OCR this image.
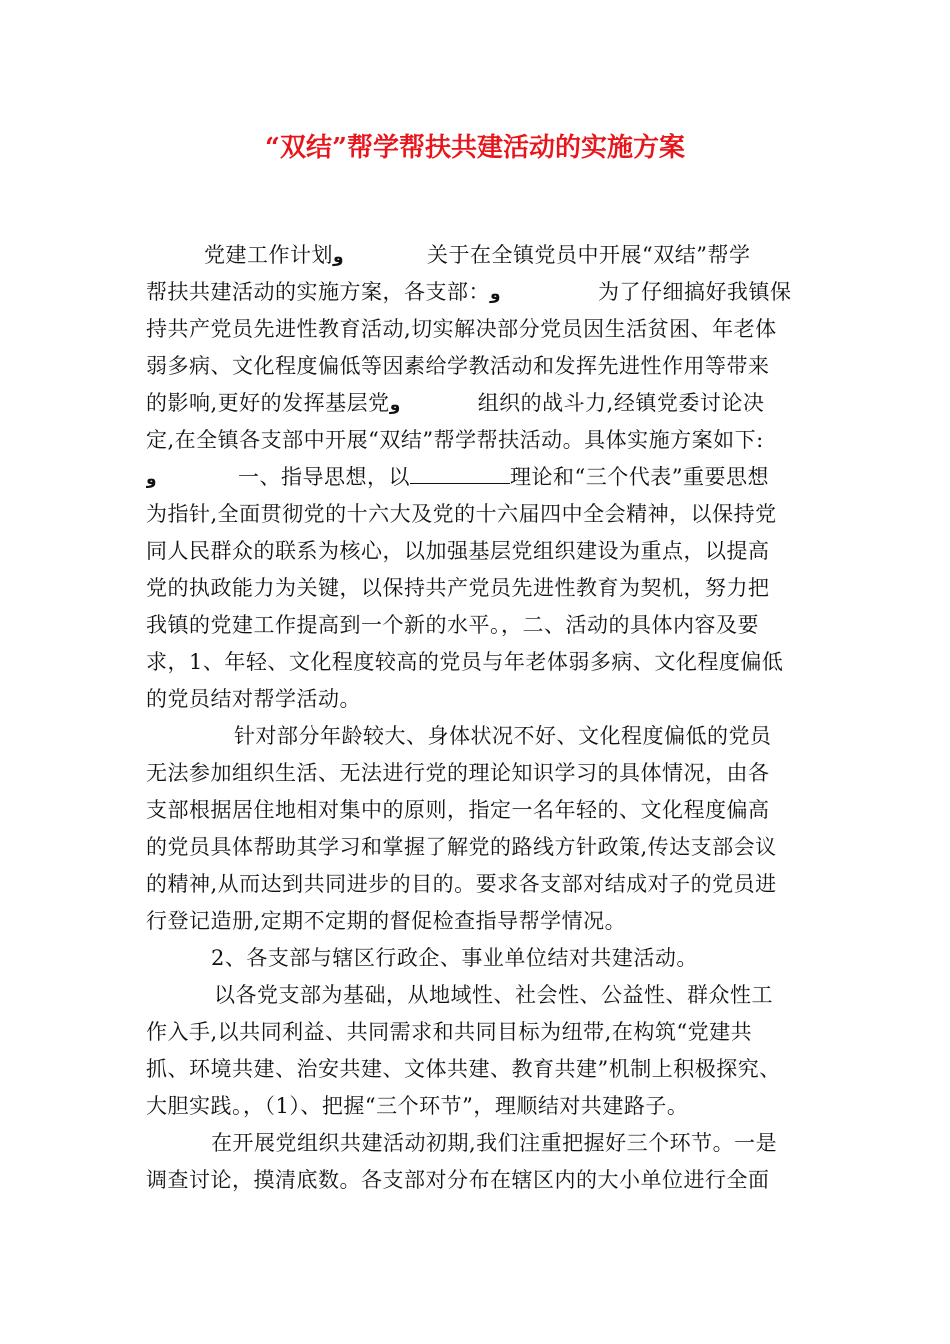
“双结”帮学帮扶共建活动的实施方案
党建工作计划و	关于在全镇党员中开展“双结”帮学
帮扶共建活动的实施方案，各支部：و	为了仔细搞好我镇保
持共产党员先进性教育活动,切实解决部分党员因生活贫困、年老体
弱多病、文化程度偏低等因素给学教活动和发挥先进性作用等带来
的影响,更好的发挥基层党و	组织的战斗力,经镇党委讨论决
定,在全镇各支部中开展“双结”帮学帮扶活动。具体实施方案如下:
و	一、指导思想，以	理论和“三个代表”重要思想
为指针,全面贯彻党的十六大及党的十六届四中全会精神，以保持党
同人民群众的联系为核心，以加强基层党组织建设为重点，以提高
党的执政能力为关键，以保持共产党员先进性教育为契机，努力把
我镇的党建工作提高到一个新的水平。，二、活动的具体内容及要
求，1、年轻、文化程度较高的党员与年老体弱多病、文化程度偏低
的党员结对帮学活动。
针对部分年龄较大、身体状况不好、文化程度偏低的党员
无法参加组织生活、无法进行党的理论知识学习的具体情况，由各
支部根据居住地相对集中的原则，指定一名年轻的、文化程度偏高
的党员具体帮助其学习和掌握了解党的路线方针政策,传达支部会议
的精神,从而达到共同进步的目的。要求各支部对结成对子的党员进
行登记造册,定期不定期的督促检查指导帮学情况。
2、各支部与辖区行政企、事业单位结对共建活动。
以各党支部为基础，从地域性、社会性、公益性、群众性工
作入手,以共同利益、共同需求和共同目标为纽带,在构筑“党建共
抓、环境共建、治安共建、文体共建、教育共建”机制上积极探究、
大胆实践。，（1）、把握“三个环节”，理顺结对共建路子。
在开展党组织共建活动初期,我们注重把握好三个环节。一是
调查讨论，摸清底数。各支部对分布在辖区内的大小单位进行全面
